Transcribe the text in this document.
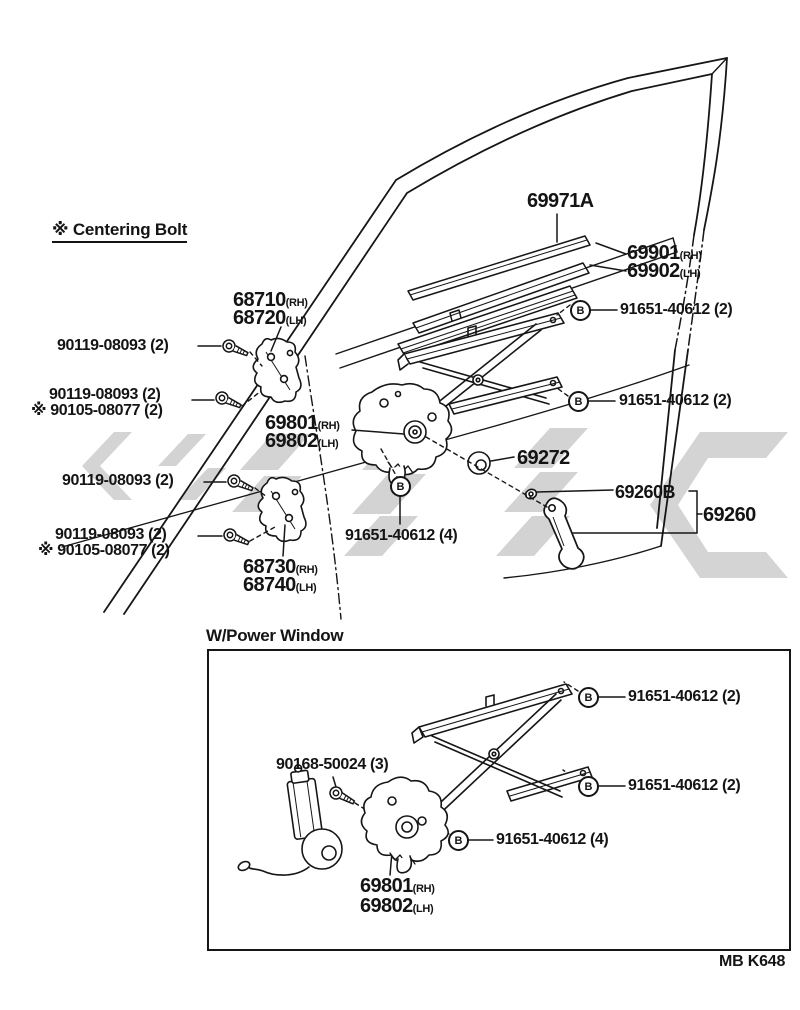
※ Centering Bolt
69971A
69901(RH)
69902(LH)
68710(RH)
68720(LH)
90119-08093 (2)
90119-08093 (2)
※ 90105-08077 (2)
69801(RH)
69802(LH)
B	91651-40612 (2)
B	91651-40612 (2)
69272
69260B
69260
90119-08093 (2)
90119-08093 (2)
※ 90105-08077 (2)
B
91651-40612 (4)
68730(RH)
68740(LH)
W/Power Window
B	91651-40612 (2)
B	91651-40612 (2)
90168-50024 (3)
B	91651-40612 (4)
69801(RH)
69802(LH)
MB K648
